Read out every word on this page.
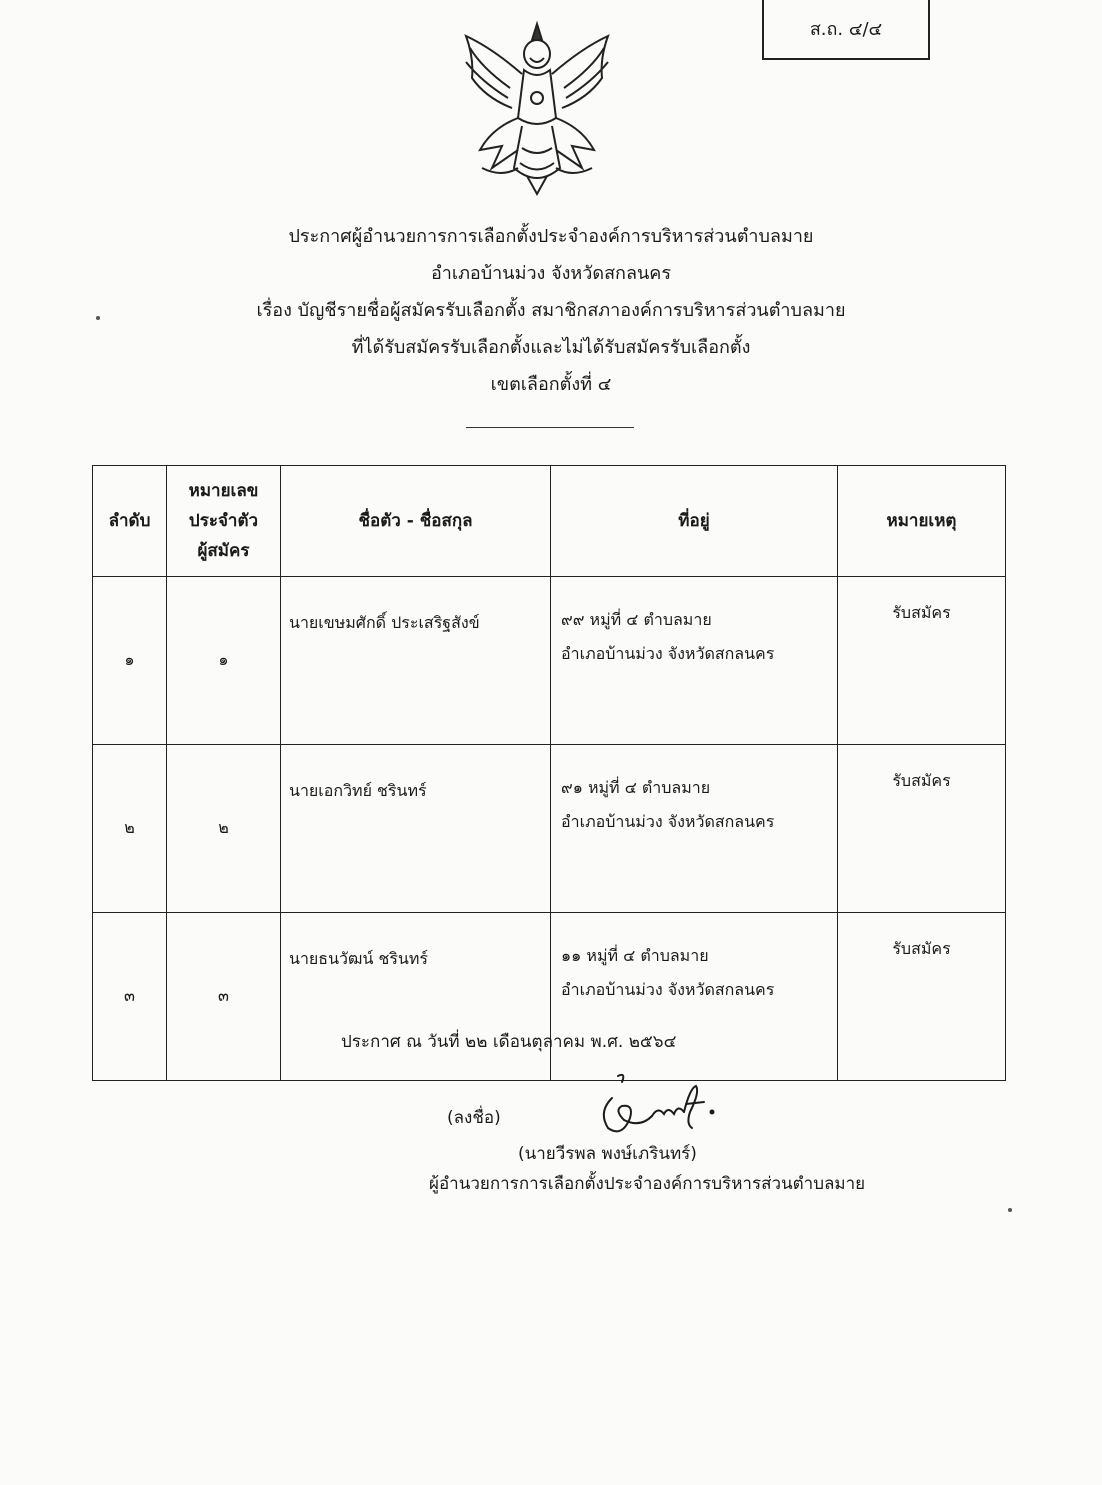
ส.ถ. ๔/๔
ประกาศผู้อำนวยการการเลือกตั้งประจำองค์การบริหารส่วนตำบลมาย
อำเภอบ้านม่วง จังหวัดสกลนคร
เรื่อง บัญชีรายชื่อผู้สมัครรับเลือกตั้ง สมาชิกสภาองค์การบริหารส่วนตำบลมาย
ที่ได้รับสมัครรับเลือกตั้งและไม่ได้รับสมัครรับเลือกตั้ง
เขตเลือกตั้งที่ ๔
ลำดับ	หมายเลข
ประจำตัว
ผู้สมัคร	ชื่อตัว - ชื่อสกุล	ที่อยู่	หมายเหตุ
๑	๑	นายเขษมศักดิ์ ประเสริฐสังข์	๙๙ หมู่ที่ ๔ ตำบลมาย
อำเภอบ้านม่วง จังหวัดสกลนคร	รับสมัคร
๒	๒	นายเอกวิทย์ ชรินทร์	๙๑ หมู่ที่ ๔ ตำบลมาย
อำเภอบ้านม่วง จังหวัดสกลนคร	รับสมัคร
๓	๓	นายธนวัฒน์ ชรินทร์	๑๑ หมู่ที่ ๔ ตำบลมาย
อำเภอบ้านม่วง จังหวัดสกลนคร	รับสมัคร
ประกาศ ณ วันที่ ๒๒ เดือนตุลาคม พ.ศ. ๒๕๖๔
(ลงชื่อ)
(นายวีรพล พงษ์เภรินทร์)
ผู้อำนวยการการเลือกตั้งประจำองค์การบริหารส่วนตำบลมาย
